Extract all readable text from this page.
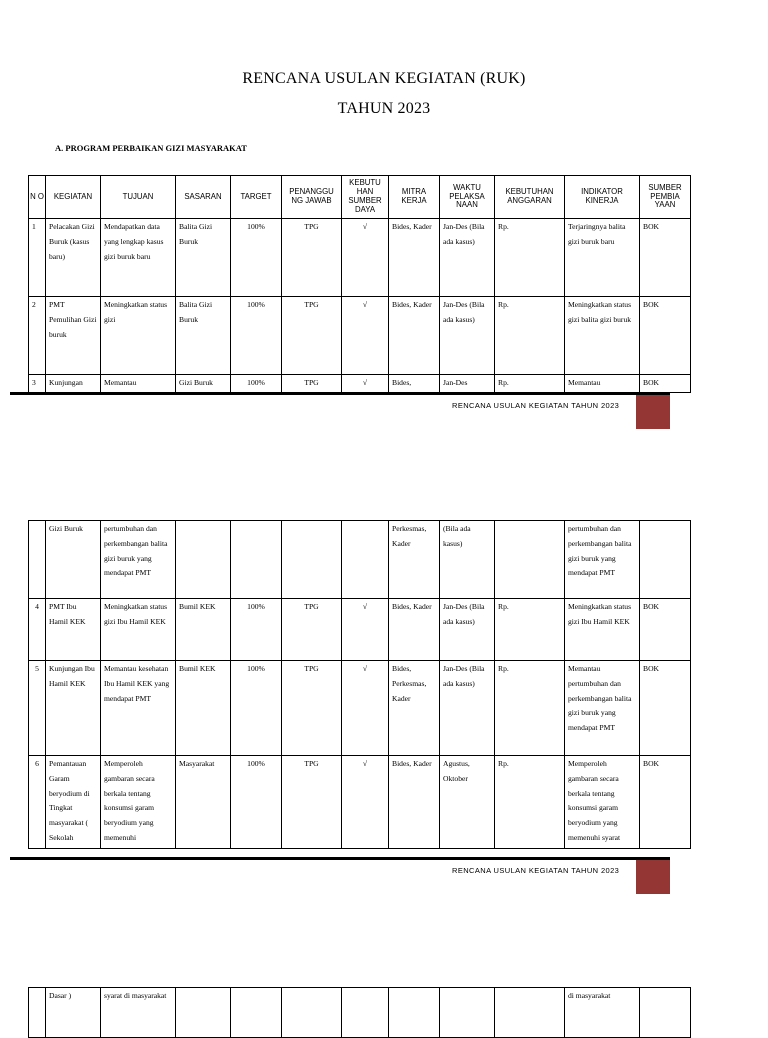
RENCANA USULAN KEGIATAN (RUK)
TAHUN 2023
A. PROGRAM PERBAIKAN GIZI MASYARAKAT
N O	KEGIATAN	TUJUAN	SASARAN	TARGET	PENANGGU NG JAWAB	KEBUTU HAN SUMBER DAYA	MITRA KERJA	WAKTU PELAKSA NAAN	KEBUTUHAN ANGGARAN	INDIKATOR KINERJA	SUMBER PEMBIA YAAN
1	Pelacakan Gizi Buruk (kasus baru)	Mendapatkan data yang lengkap kasus gizi buruk baru	Balita Gizi Buruk	100%	TPG	√	Bides, Kader	Jan-Des (Bila ada kasus)	Rp.	Terjaringnya balita gizi buruk baru	BOK
2	PMT Pemulihan Gizi buruk	Meningkatkan status gizi	Balita Gizi Buruk	100%	TPG	√	Bides, Kader	Jan-Des (Bila ada kasus)	Rp.	Meningkatkan status gizi balita gizi buruk	BOK
3	Kunjungan	Memantau	Gizi Buruk	100%	TPG	√	Bides,	Jan-Des	Rp.	Memantau	BOK
RENCANA USULAN KEGIATAN TAHUN 2023
	Gizi Buruk	pertumbuhan dan perkembangan balita gizi buruk yang mendapat PMT					Perkesmas, Kader	(Bila ada kasus)		pertumbuhan dan perkembangan balita gizi buruk yang mendapat PMT	
4	PMT Ibu Hamil KEK	Meningkatkan status gizi Ibu Hamil KEK	Bumil KEK	100%	TPG	√	Bides, Kader	Jan-Des (Bila ada kasus)	Rp.	Meningkatkan status gizi Ibu Hamil KEK	BOK
5	Kunjungan Ibu Hamil KEK	Memantau kesehatan Ibu Hamil KEK yang mendapat PMT	Bumil KEK	100%	TPG	√	Bides, Perkesmas, Kader	Jan-Des (Bila ada kasus)	Rp.	Memantau pertumbuhan dan perkembangan balita gizi buruk yang mendapat PMT	BOK
6	Pemantauan Garam beryodium di Tingkat masyarakat ( Sekolah	Memperoleh gambaran secara berkala tentang konsumsi garam beryodium yang memenuhi	Masyarakat	100%	TPG	√	Bides, Kader	Agustus, Oktober	Rp.	Memperoleh gambaran secara berkala tentang konsumsi garam beryodium yang memenuhi syarat	BOK
RENCANA USULAN KEGIATAN TAHUN 2023
	Dasar )	syarat di masyarakat								di masyarakat	
